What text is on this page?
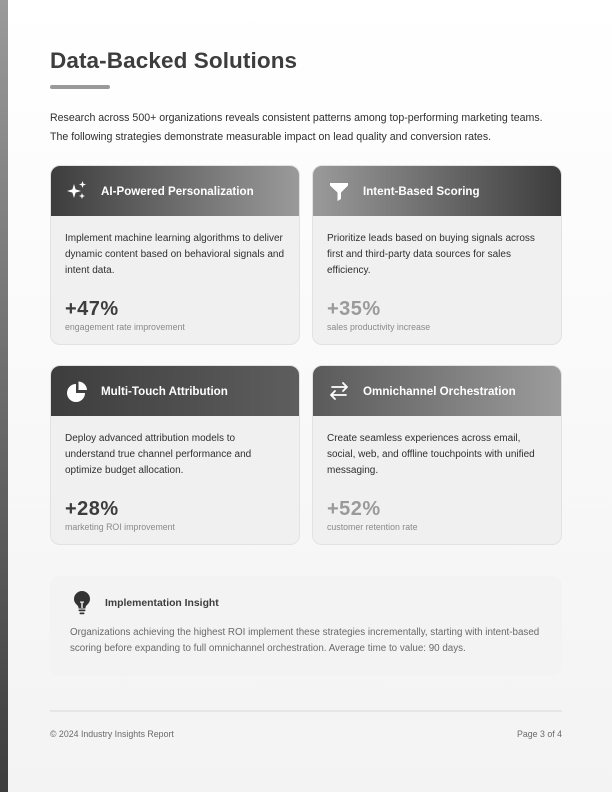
Data-Backed Solutions

Research across 500+ organizations reveals consistent patterns among top-performing marketing teams. The following strategies demonstrate measurable impact on lead quality and conversion rates.

AI-Powered Personalization

Implement machine learning algorithms to deliver dynamic content based on behavioral signals and intent data.

+47%
engagement rate improvement
Intent-Based Scoring

Prioritize leads based on buying signals across first and third-party data sources for sales efficiency.

+35%
sales productivity increase
Multi-Touch Attribution

Deploy advanced attribution models to understand true channel performance and optimize budget allocation.

+28%
marketing ROI improvement
Omnichannel Orchestration

Create seamless experiences across email, social, web, and offline touchpoints with unified messaging.

+52%
customer retention rate
Implementation Insight

Organizations achieving the highest ROI implement these strategies incrementally, starting with intent-based scoring before expanding to full omnichannel orchestration. Average time to value: 90 days.

© 2024 Industry Insights Report	Page 3 of 4
